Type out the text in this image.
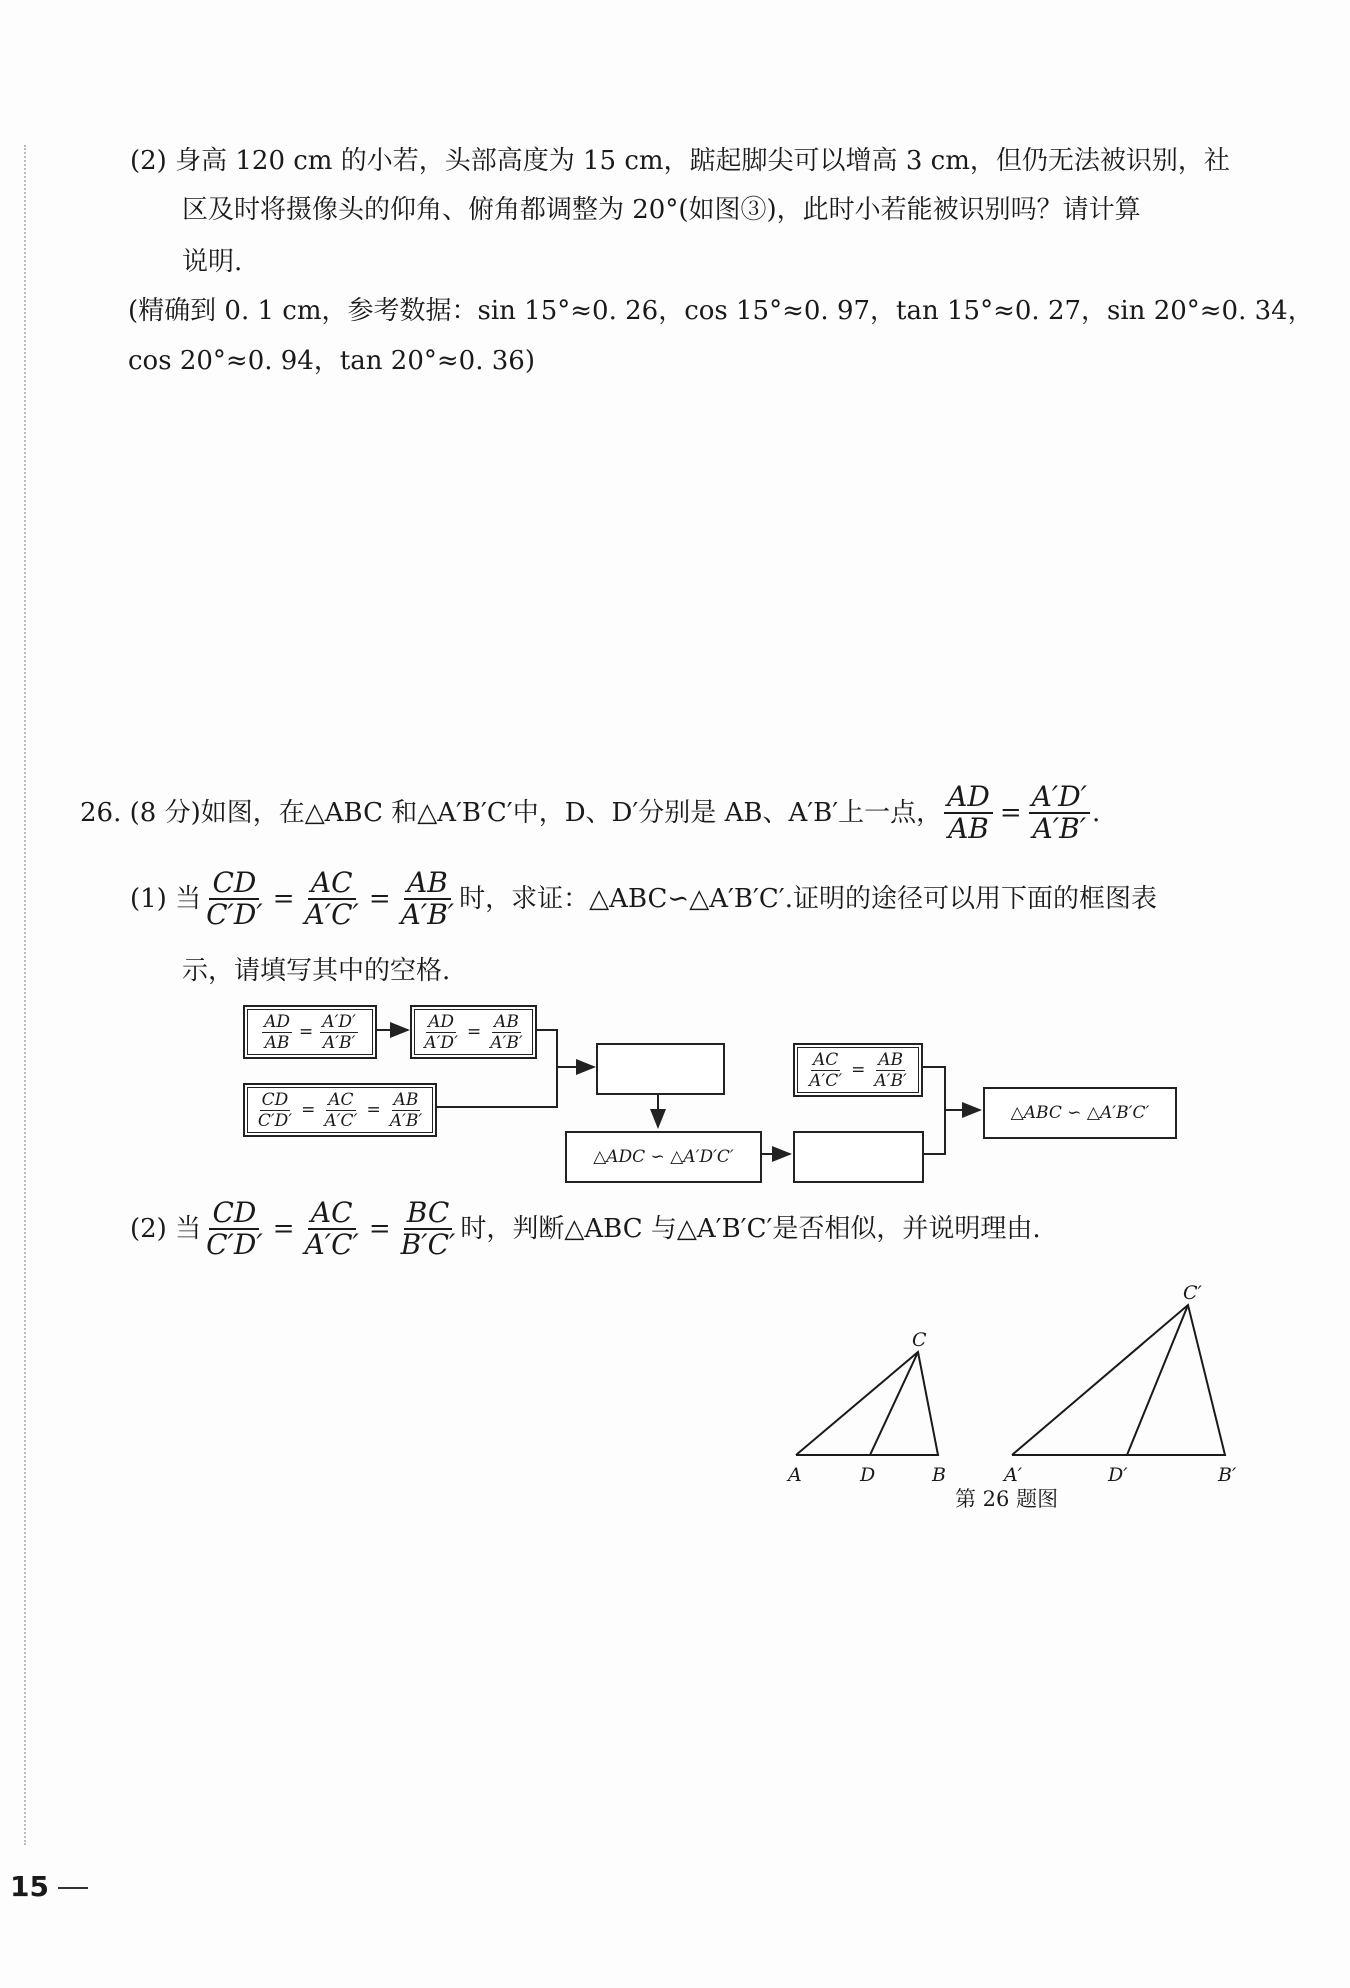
(2) 身高 120 cm 的小若，头部高度为 15 cm，踮起脚尖可以增高 3 cm，但仍无法被识别，社
区及时将摄像头的仰角、俯角都调整为 20°(如图③)，此时小若能被识别吗？请计算
说明.
(精确到 0. 1 cm，参考数据：sin 15°≈0. 26，cos 15°≈0. 97，tan 15°≈0. 27，sin 20°≈0. 34，
cos 20°≈0. 94，tan 20°≈0. 36)
26. (8 分)如图，在△ABC 和△A′B′C′中，D、D′分别是 AB、A′B′上一点， $\frac{AD}{AB} = \frac{A'D'}{A'B'}$ .
(1) 当 $\frac{CD}{C'D'} = \frac{AC}{A'C'} = \frac{AB}{A'B'}$ 时，求证：△ABC∽△A′B′C′.证明的途径可以用下面的框图表
示，请填写其中的空格.
$\frac{AD}{AB} = \frac{A'D'}{A'B'}$	$\frac{AD}{A'D'} = \frac{AB}{A'B'}$
$\frac{CD}{C'D'} = \frac{AC}{A'C'} = \frac{AB}{A'B'}$
△ADC ∽ △A′D′C′
$\frac{AC}{A'C'} = \frac{AB}{A'B'}$
△ABC ∽ △A′B′C′
(2) 当 $\frac{CD}{C'D'} = \frac{AC}{A'C'} = \frac{BC}{B'C'}$ 时，判断△ABC 与△A′B′C′是否相似，并说明理由.
A	D	B
C
A′	D′	B′
C′
第 26 题图
15
